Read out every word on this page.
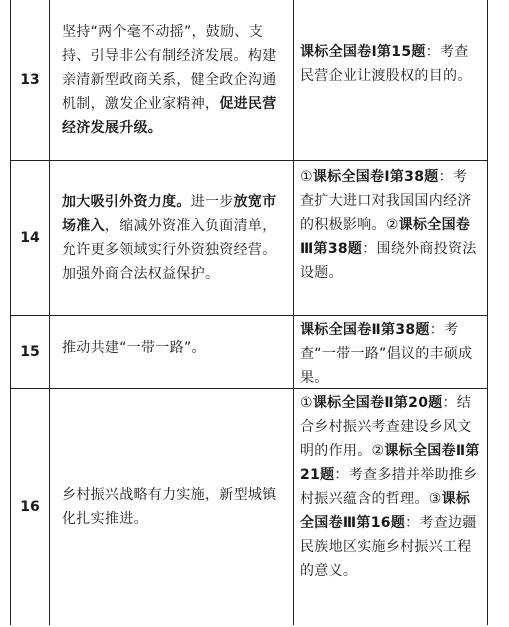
1 3
坚持“两个毫不动摇”，鼓励、支持、引导非公有制经济发展。构建亲清新型政商关系，健全政企沟通机制，激发企业家精神，促进民营经济发展升级。
课标全国卷Ⅰ第15题：考查民营企业让渡股权的目的。
1 4
加大吸引外资力度。进一步放宽市场准入，缩减外资准入负面清单，允许更多领域实行外资独资经营。加强外商合法权益保护。
①课标全国卷Ⅰ第38题：考查扩大进口对我国国内经济的积极影响。②课标全国卷Ⅲ第38题：围绕外商投资法设题。
1 5 推动共建“一带一路”。
课标全国卷Ⅱ第38题：考查“一带一路”倡议的丰硕成果。
1 6
乡村振兴战略有力实施，新型城镇化扎实推进。
①课标全国卷Ⅱ第20题：结合乡村振兴考查建设乡风文明的作用。②课标全国卷Ⅱ第21题：考查多措并举助推乡村振兴蕴含的哲理。③课标全国卷Ⅲ第16题：考查边疆民族地区实施乡村振兴工程的意义。
